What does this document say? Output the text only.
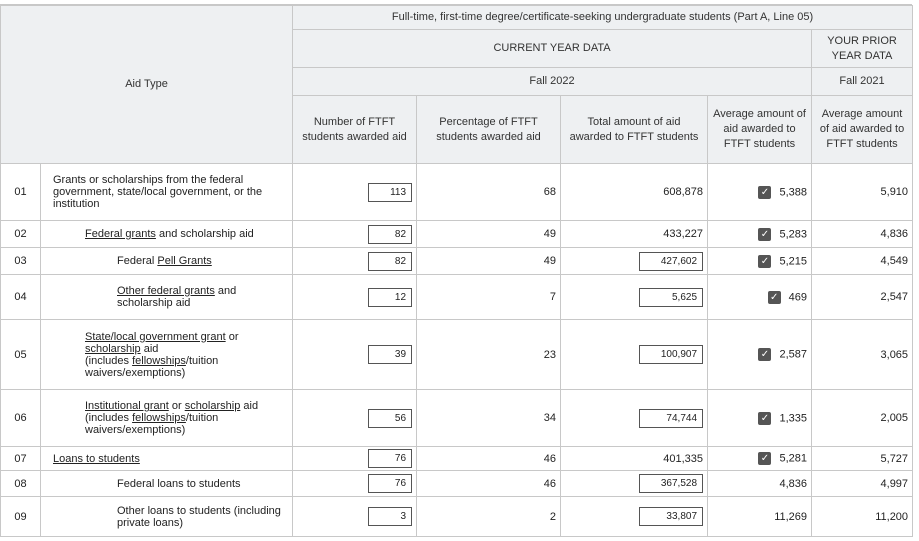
Aid Type		Full-time, first-time degree/certificate-seeking undergraduate students (Part A, Line 05)				
		CURRENT YEAR DATA				YOUR PRIOR YEAR DATA
		Fall 2022				Fall 2021
		Number of FTFT students awarded aid	Percentage of FTFT students awarded aid	Total amount of aid awarded to FTFT students	Average amount of aid awarded to FTFT students	Average amount of aid awarded to FTFT students
01	Grants or scholarships from the federal government, state/local government, or the institution	113	68	608,878	✓ 5,388	5,910
02	Federal grants and scholarship aid	82	49	433,227	✓ 5,283	4,836
03	Federal Pell Grants	82	49	427,602	✓ 5,215	4,549
04	Other federal grants and scholarship aid	12	7	5,625	✓ 469	2,547
05	State/local government grant or scholarship aid
(includes fellowships/tuition waivers/exemptions)	39	23	100,907	✓ 2,587	3,065
06	Institutional grant or scholarship aid
(includes fellowships/tuition waivers/exemptions)	56	34	74,744	✓ 1,335	2,005
07	Loans to students	76	46	401,335	✓ 5,281	5,727
08	Federal loans to students	76	46	367,528	4,836	4,997
09	Other loans to students (including private loans)	3	2	33,807	11,269	11,200
